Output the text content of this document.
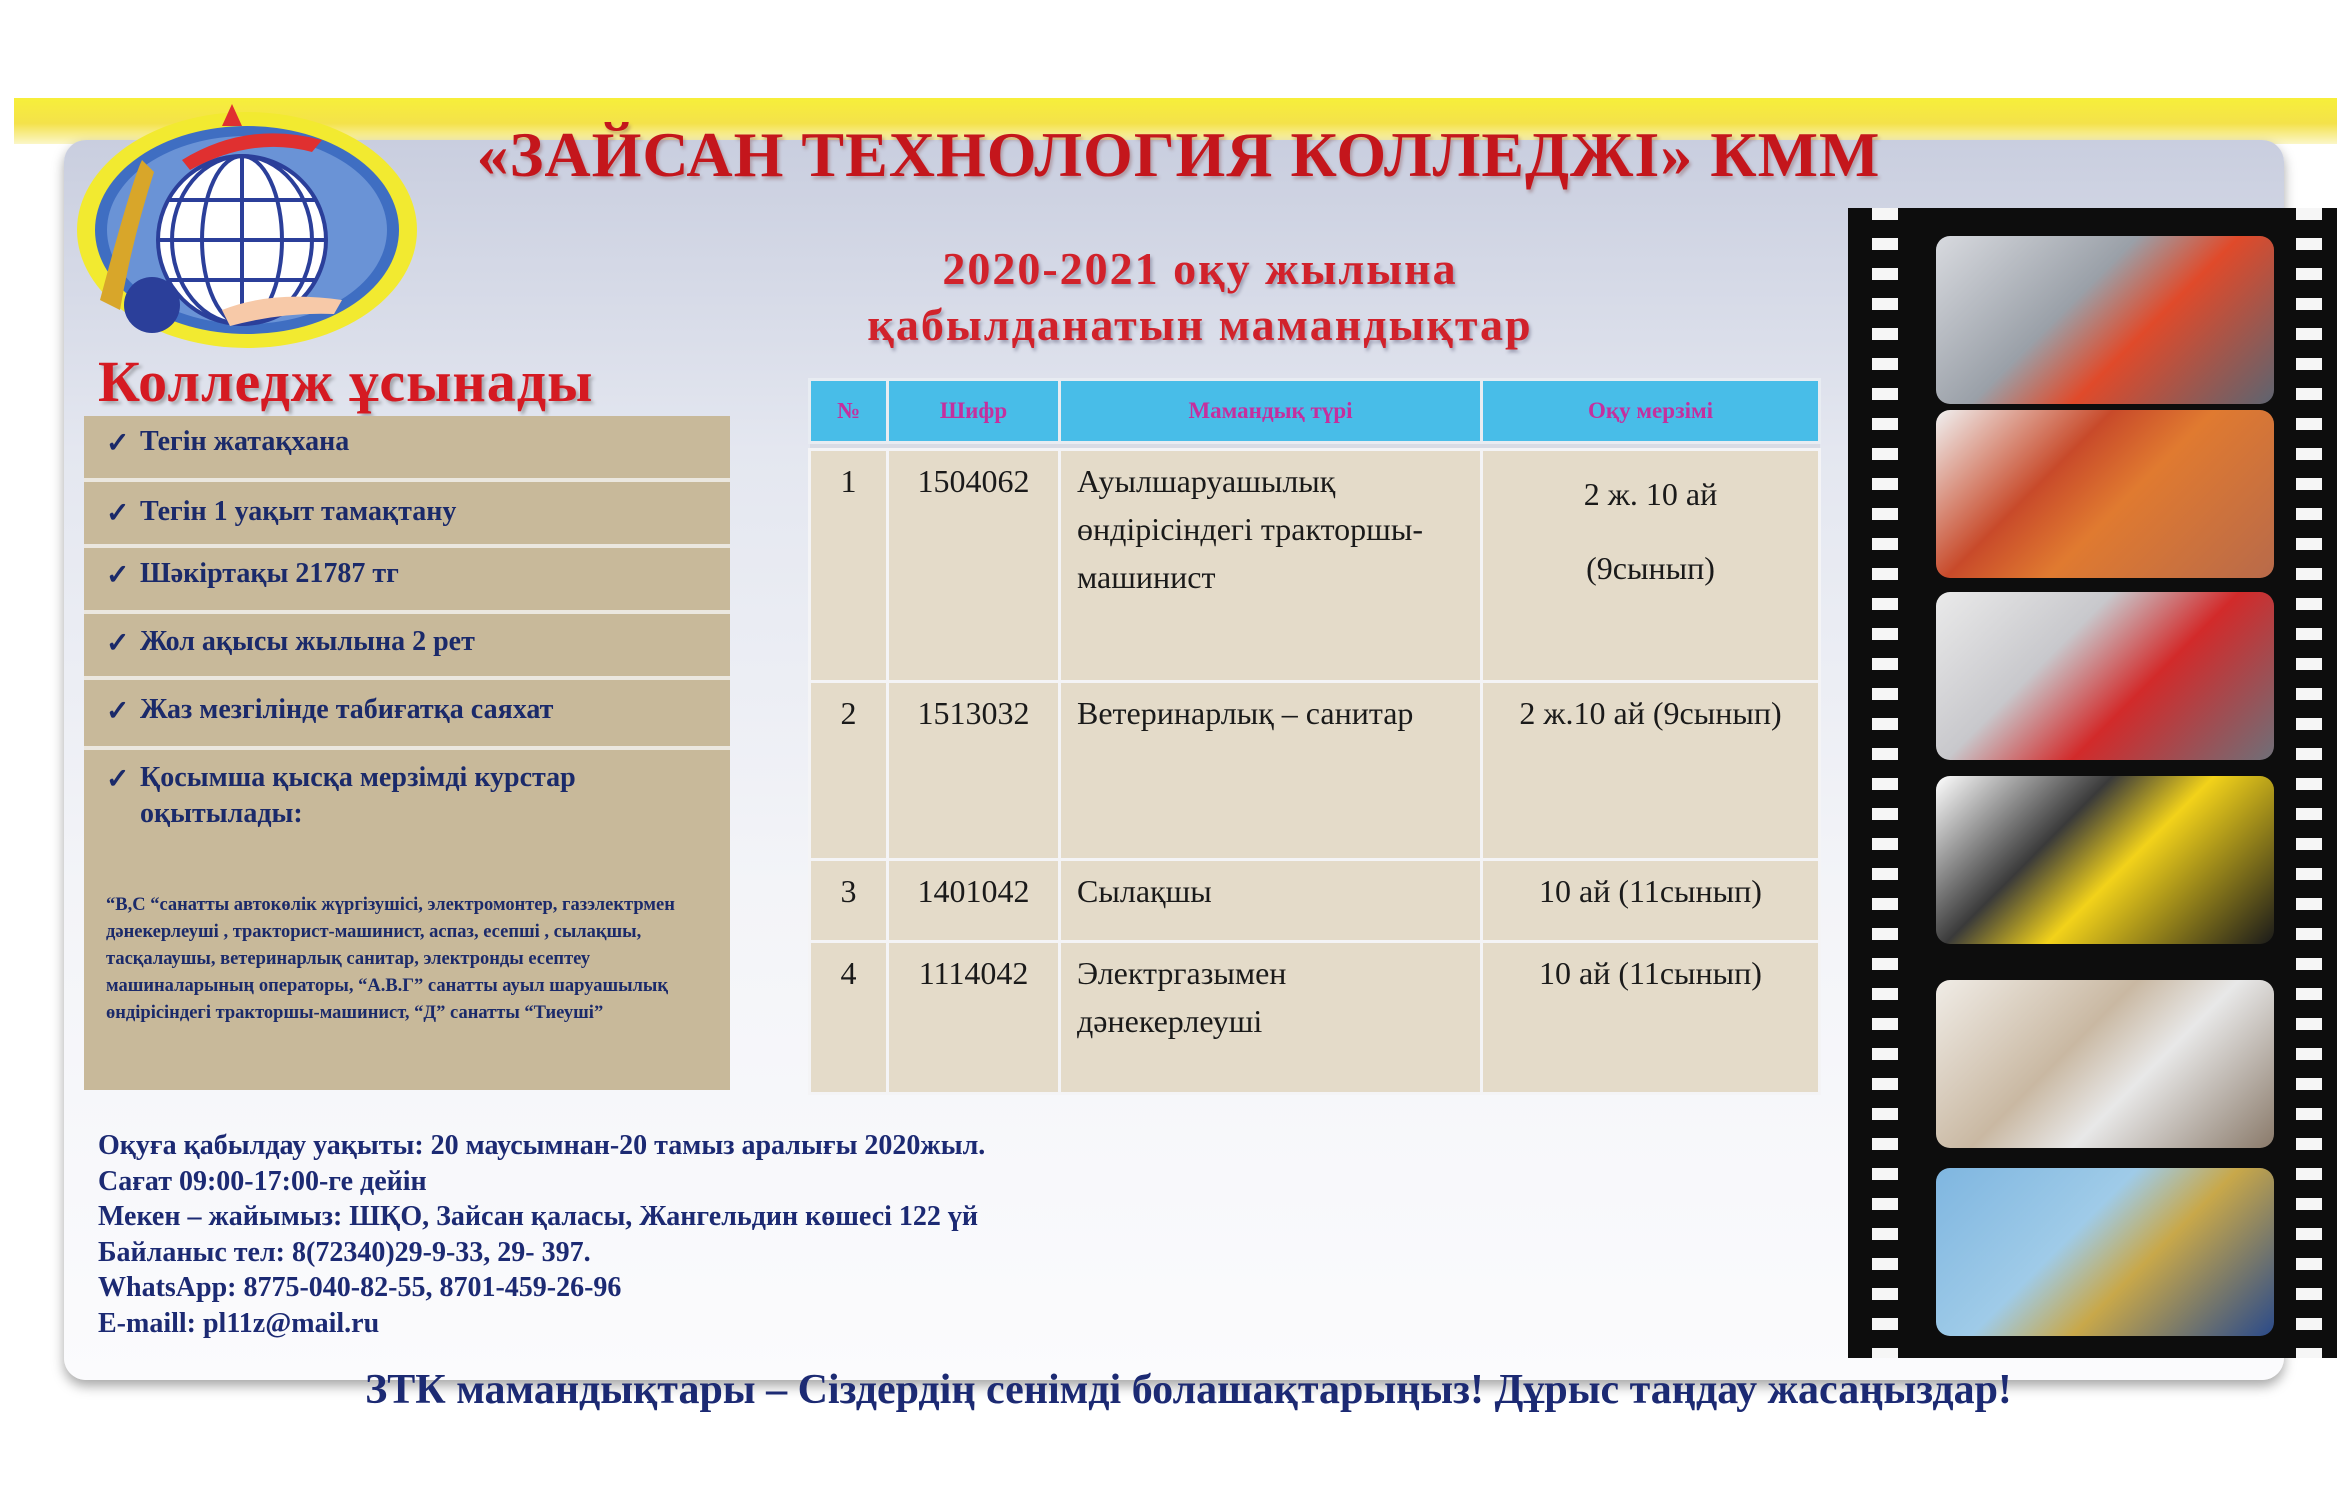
«ЗАЙСАН ТЕХНОЛОГИЯ КОЛЛЕДЖІ» КММ
2020-2021 оқу жылына
қабылданатын мамандықтар
Колледж ұсынады
✓ Тегін жатақхана
✓ Тегін 1 уақыт тамақтану
✓ Шәкіртақы 21787 тг
✓ Жол ақысы жылына 2 рет
✓ Жаз мезгілінде табиғатқа саяхат
✓ Қосымша қысқа мерзімді курстар
оқытылады:
“В,С “санатты автокөлік жүргізушісі, электромонтер, газэлектрмен дәнекерлеуші , тракторист-машинист, аспаз, есепші , сылақшы, тасқалаушы, ветеринарлық санитар, электронды есептеу машиналарының операторы, “А.В.Г” санатты ауыл шаруашылық өндірісіндегі тракторшы-машинист, “Д” санатты “Тиеуші”
№	Шифр	Мамандық түрі	Оқу мерзімі

1	1504062	Ауылшаруашылық өндірісіндегі тракторшы-машинист	2 ж. 10 ай
(9сынып)

2	1513032	Ветеринарлық – санитар	2 ж.10 ай (9сынып)
3	1401042	Сылақшы	10 ай (11сынып)
4	1114042	Электргазымен дәнекерлеуші	10 ай (11сынып)
Оқуға қабылдау уақыты: 20 маусымнан-20 тамыз аралығы 2020жыл.
Сағат 09:00-17:00-ге дейін
Мекен – жайымыз: ШҚО, Зайсан қаласы, Жангельдин көшесі 122 үй
Байланыс тел: 8(72340)29-9-33, 29- 397.
WhatsApp: 8775-040-82-55, 8701-459-26-96
E-maill: pl11z@mail.ru
ЗТК мамандықтары – Сіздердің сенімді болашақтарыңыз! Дұрыс таңдау жасаңыздар!
